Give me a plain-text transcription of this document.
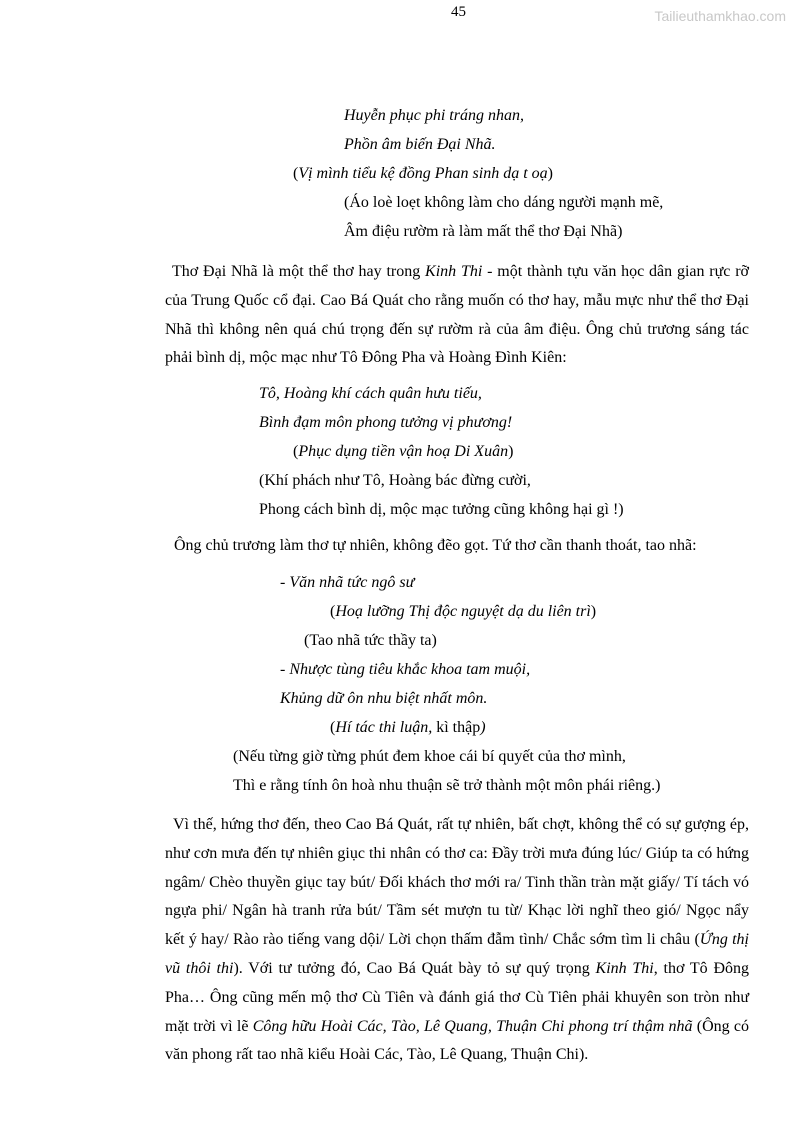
45	Tailieuthamkhao.com
Huyễn phục phi tráng nhan,
Phồn âm biến Đại Nhã.
(Vị mình tiểu kệ đồng Phan sinh dạ t oạ)
(Áo loè loẹt không làm cho dáng người mạnh mẽ,
Âm điệu rườm rà làm mất thể thơ Đại Nhã)

Thơ Đại Nhã là một thể thơ hay trong Kinh Thi - một thành tựu văn học dân gian rực rỡ của Trung Quốc cổ đại. Cao Bá Quát cho rằng muốn có thơ hay, mẫu mực như thể thơ Đại Nhã thì không nên quá chú trọng đến sự rườm rà của âm điệu. Ông chủ trương sáng tác phải bình dị, mộc mạc như Tô Đông Pha và Hoàng Đình Kiên:

Tô, Hoàng khí cách quân hưu tiếu,
Bình đạm môn phong tưởng vị phương!
(Phục dụng tiền vận hoạ Di Xuân)
(Khí phách như Tô, Hoàng bác đừng cười,
Phong cách bình dị, mộc mạc tưởng cũng không hại gì !)
Ông chủ trương làm thơ tự nhiên, không đẽo gọt. Tứ thơ cần thanh thoát, tao nhã:
- Văn nhã tức ngô sư
(Hoạ lưỡng Thị độc nguyệt dạ du liên trì)
(Tao nhã tức thầy ta)
- Nhược tùng tiêu khắc khoa tam muội,
Khủng dữ ôn nhu biệt nhất môn.
(Hí tác thi luận, kì thập)
(Nếu từng giờ từng phút đem khoe cái bí quyết của thơ mình,
Thì e rằng tính ôn hoà nhu thuận sẽ trở thành một môn phái riêng.)

Vì thế, hứng thơ đến, theo Cao Bá Quát, rất tự nhiên, bất chợt, không thể có sự gượng ép, như cơn mưa đến tự nhiên giục thi nhân có thơ ca: Đầy trời mưa đúng lúc/ Giúp ta có hứng ngâm/ Chèo thuyền giục tay bút/ Đối khách thơ mới ra/ Tinh thần tràn mặt giấy/ Tí tách vó ngựa phi/ Ngân hà tranh rửa bút/ Tầm sét mượn tu từ/ Khạc lời nghĩ theo gió/ Ngọc nẩy kết ý hay/ Rào rào tiếng vang dội/ Lời chọn thấm đẫm tình/ Chắc sớm tìm li châu (Ứng thị vũ thôi thi). Với tư tưởng đó, Cao Bá Quát bày tỏ sự quý trọng Kinh Thi, thơ Tô Đông Pha… Ông cũng mến mộ thơ Cù Tiên và đánh giá thơ Cù Tiên phải khuyên son tròn như mặt trời vì lẽ Công hữu Hoài Các, Tào, Lê Quang, Thuận Chi phong trí thậm nhã (Ông có văn phong rất tao nhã kiểu Hoài Các, Tào, Lê Quang, Thuận Chi).
